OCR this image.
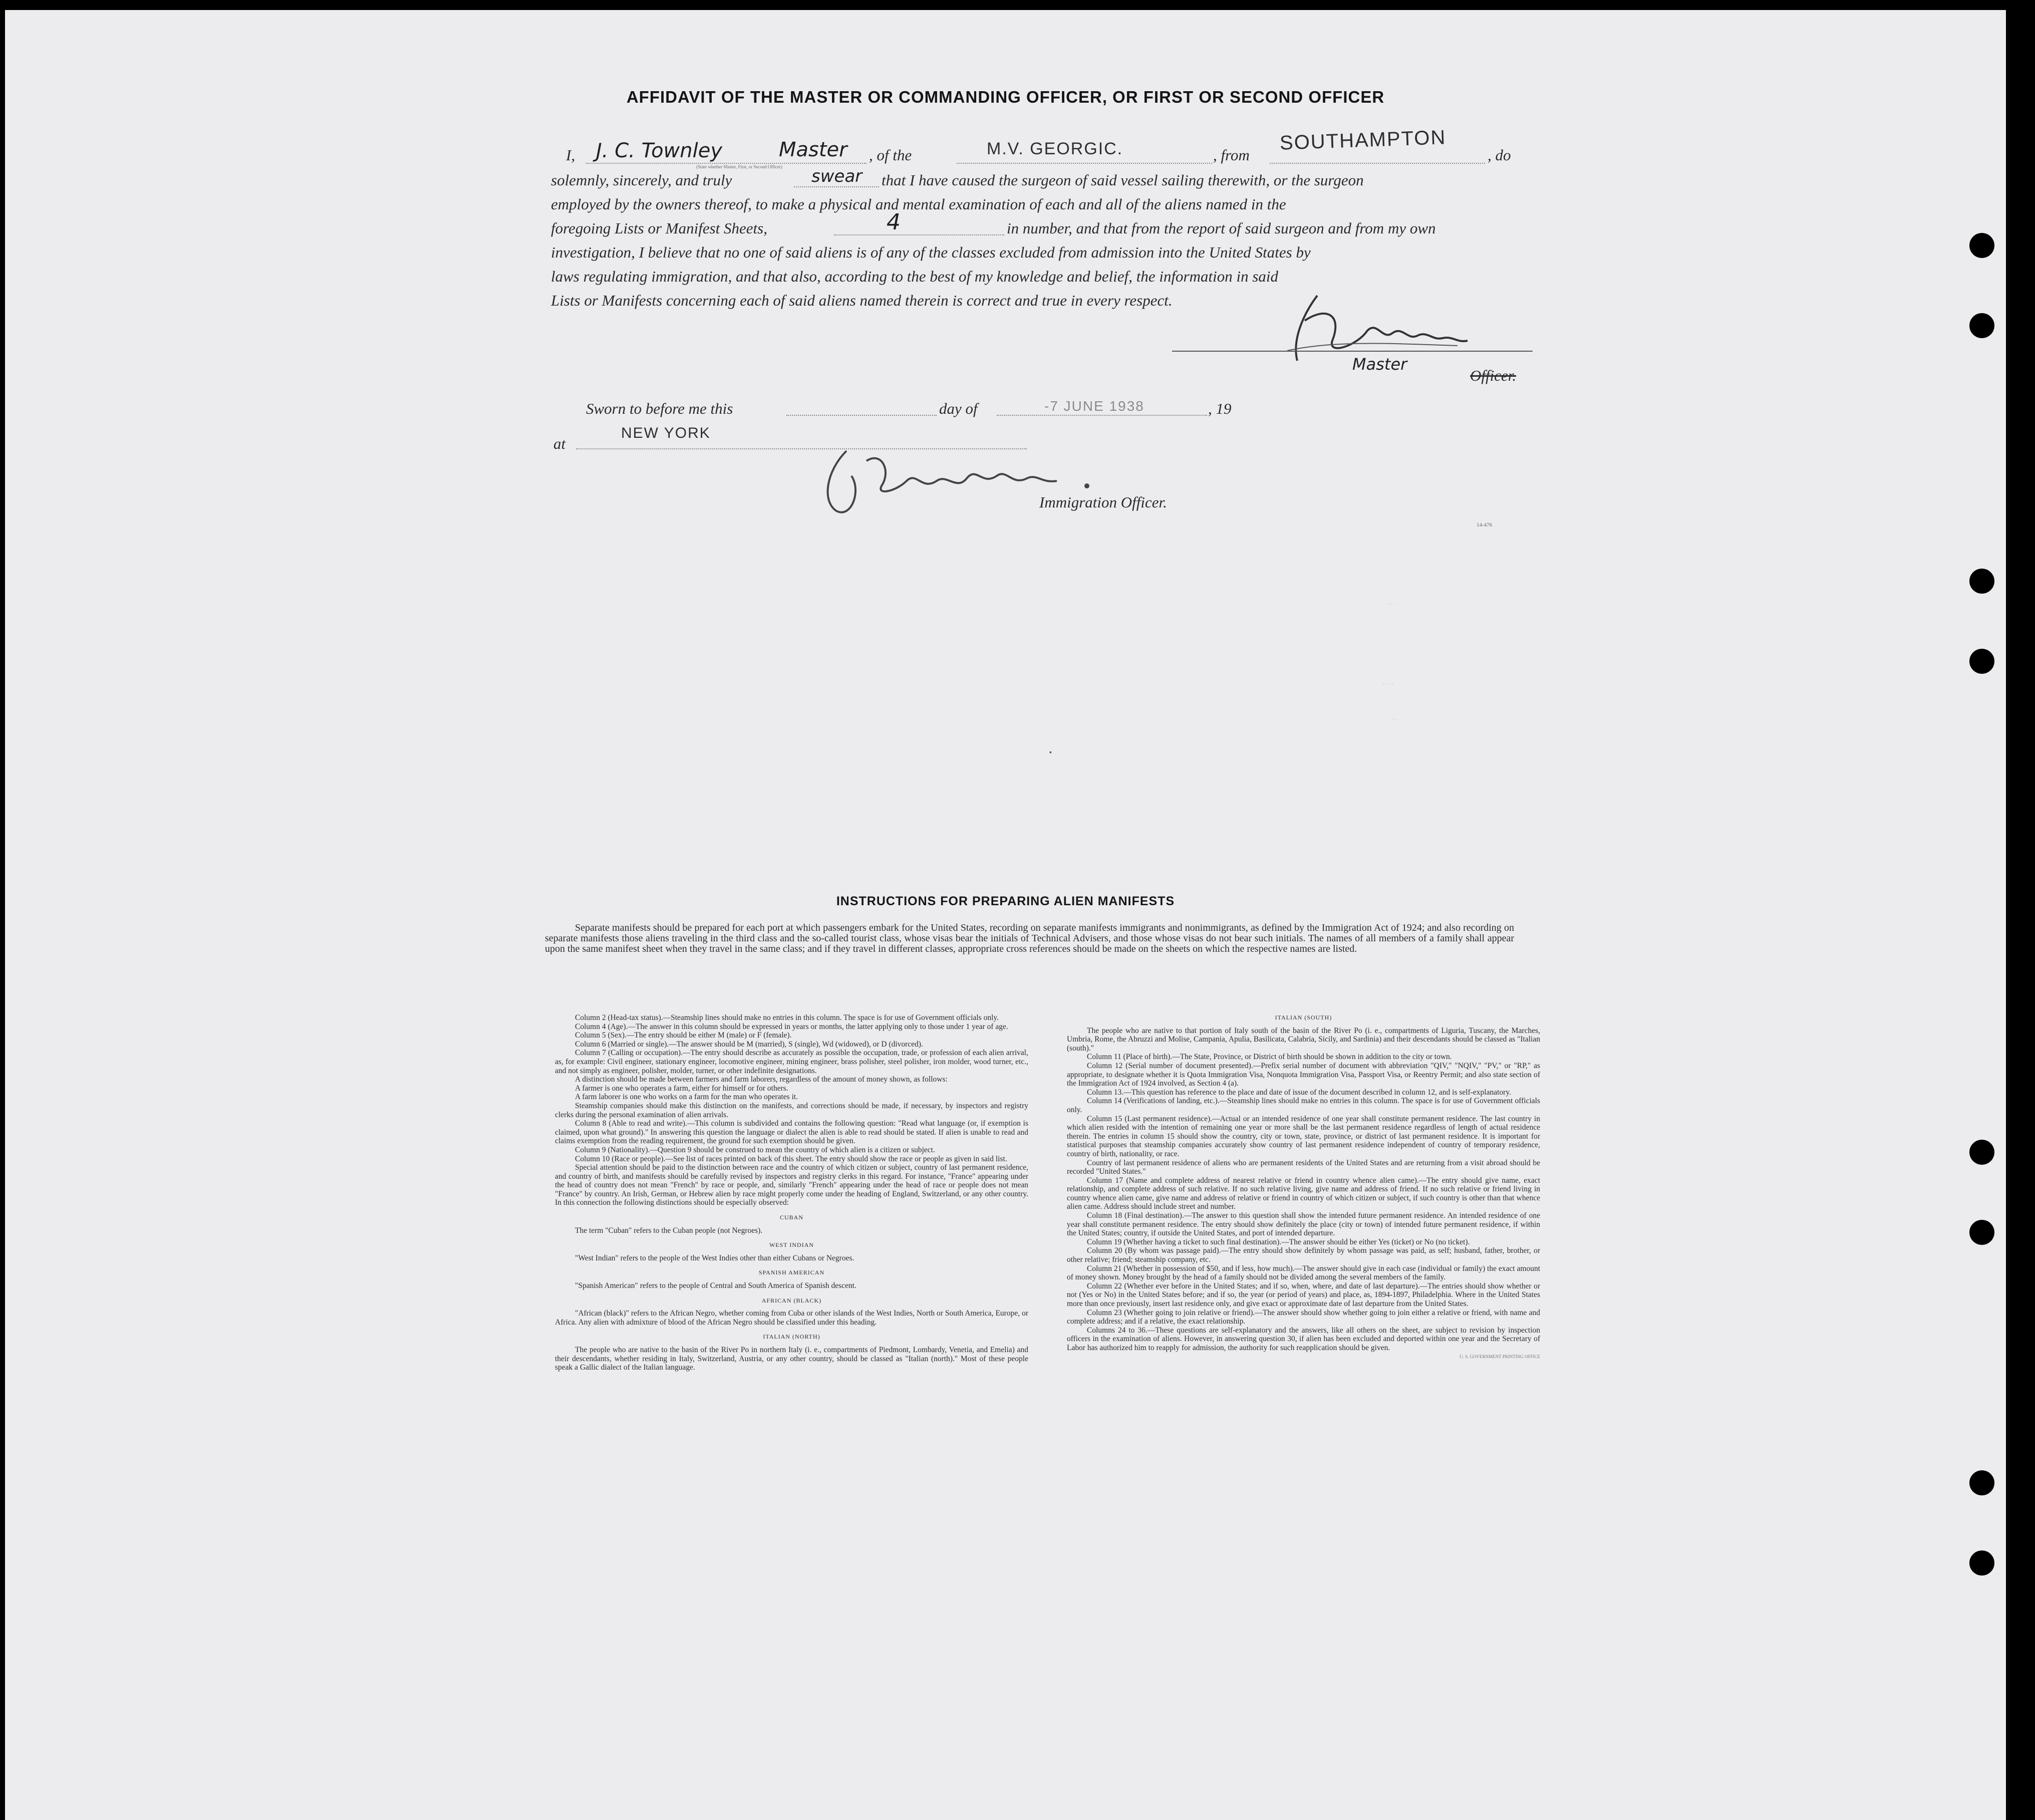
AFFIDAVIT OF THE MASTER OR COMMANDING OFFICER, OR FIRST OR SECOND OFFICER
I, J. C. Townley	Master
(State whether Master, First, or Second Officer)
, of the	M.V. GEORGIC.	, from
SOUTHAMPTON
, do
solemnly, sincerely, and truly	swear that I have caused the surgeon of said vessel sailing therewith, or the surgeon
employed by the owners thereof, to make a physical and mental examination of each and all of the aliens named in the
foregoing Lists or Manifest Sheets,	4	in number, and that from the report of said surgeon and from my own
investigation, I believe that no one of said aliens is of any of the classes excluded from admission into the United States by
laws regulating immigration, and that also, according to the best of my knowledge and belief, the information in said
Lists or Manifests concerning each of said aliens named therein is correct and true in every respect.
Master
Officer.
Sworn to before me this	day of	-7 JUNE 1938	, 19
at
NEW YORK
Immigration Officer.
14-476
· · ·
· · · ·
· ·
▪
INSTRUCTIONS FOR PREPARING ALIEN MANIFESTS
Separate manifests should be prepared for each port at which passengers embark for the United States, recording on separate manifests immigrants and nonimmigrants, as defined by the Immigration Act of 1924; and also recording on separate manifests those aliens traveling in the third class and the so-called tourist class, whose visas bear the initials of Technical Advisers, and those whose visas do not bear such initials. The names of all members of a family shall appear upon the same manifest sheet when they travel in the same class; and if they travel in different classes, appropriate cross references should be made on the sheets on which the respective names are listed.

Column 2 (Head-tax status).—Steamship lines should make no entries in this column. The space is for use of Government officials only.

Column 4 (Age).—The answer in this column should be expressed in years or months, the latter applying only to those under 1 year of age.

Column 5 (Sex).—The entry should be either M (male) or F (female).

Column 6 (Married or single).—The answer should be M (married), S (single), Wd (widowed), or D (divorced).

Column 7 (Calling or occupation).—The entry should describe as accurately as possible the occupation, trade, or profession of each alien arrival, as, for example: Civil engineer, stationary engineer, locomotive engineer, mining engineer, brass polisher, steel polisher, iron molder, wood turner, etc., and not simply as engineer, polisher, molder, turner, or other indefinite designations.

A distinction should be made between farmers and farm laborers, regardless of the amount of money shown, as follows:

A farmer is one who operates a farm, either for himself or for others.

A farm laborer is one who works on a farm for the man who operates it.

Steamship companies should make this distinction on the manifests, and corrections should be made, if necessary, by inspectors and registry clerks during the personal examination of alien arrivals.

Column 8 (Able to read and write).—This column is subdivided and contains the following question: "Read what language (or, if exemption is claimed, upon what ground)." In answering this question the language or dialect the alien is able to read should be stated. If alien is unable to read and claims exemption from the reading requirement, the ground for such exemption should be given.

Column 9 (Nationality).—Question 9 should be construed to mean the country of which alien is a citizen or subject.

Column 10 (Race or people).—See list of races printed on back of this sheet. The entry should show the race or people as given in said list.

Special attention should be paid to the distinction between race and the country of which citizen or subject, country of last permanent residence, and country of birth, and manifests should be carefully revised by inspectors and registry clerks in this regard. For instance, "France" appearing under the head of country does not mean "French" by race or people, and, similarly "French" appearing under the head of race or people does not mean "France" by country. An Irish, German, or Hebrew alien by race might properly come under the heading of England, Switzerland, or any other country. In this connection the following distinctions should be especially observed:

CUBAN

The term "Cuban" refers to the Cuban people (not Negroes).

WEST INDIAN

"West Indian" refers to the people of the West Indies other than either Cubans or Negroes.

SPANISH AMERICAN

"Spanish American" refers to the people of Central and South America of Spanish descent.

AFRICAN (BLACK)

"African (black)" refers to the African Negro, whether coming from Cuba or other islands of the West Indies, North or South America, Europe, or Africa. Any alien with admixture of blood of the African Negro should be classified under this heading.

ITALIAN (NORTH)

The people who are native to the basin of the River Po in northern Italy (i. e., compartments of Piedmont, Lombardy, Venetia, and Emelia) and their descendants, whether residing in Italy, Switzerland, Austria, or any other country, should be classed as "Italian (north)." Most of these people speak a Gallic dialect of the Italian language.

ITALIAN (SOUTH)

The people who are native to that portion of Italy south of the basin of the River Po (i. e., compartments of Liguria, Tuscany, the Marches, Umbria, Rome, the Abruzzi and Molise, Campania, Apulia, Basilicata, Calabria, Sicily, and Sardinia) and their descendants should be classed as "Italian (south)."

Column 11 (Place of birth).—The State, Province, or District of birth should be shown in addition to the city or town.

Column 12 (Serial number of document presented).—Prefix serial number of document with abbreviation "QIV," "NQIV," "PV," or "RP," as appropriate, to designate whether it is Quota Immigration Visa, Nonquota Immigration Visa, Passport Visa, or Reentry Permit; and also state section of the Immigration Act of 1924 involved, as Section 4 (a).

Column 13.—This question has reference to the place and date of issue of the document described in column 12, and is self-explanatory.

Column 14 (Verifications of landing, etc.).—Steamship lines should make no entries in this column. The space is for use of Government officials only.

Column 15 (Last permanent residence).—Actual or an intended residence of one year shall constitute permanent residence. The last country in which alien resided with the intention of remaining one year or more shall be the last permanent residence regardless of length of actual residence therein. The entries in column 15 should show the country, city or town, state, province, or district of last permanent residence. It is important for statistical purposes that steamship companies accurately show country of last permanent residence independent of country of temporary residence, country of birth, nationality, or race.

Country of last permanent residence of aliens who are permanent residents of the United States and are returning from a visit abroad should be recorded "United States."

Column 17 (Name and complete address of nearest relative or friend in country whence alien came).—The entry should give name, exact relationship, and complete address of such relative. If no such relative living, give name and address of friend. If no such relative or friend living in country whence alien came, give name and address of relative or friend in country of which citizen or subject, if such country is other than that whence alien came. Address should include street and number.

Column 18 (Final destination).—The answer to this question shall show the intended future permanent residence. An intended residence of one year shall constitute permanent residence. The entry should show definitely the place (city or town) of intended future permanent residence, if within the United States; country, if outside the United States, and port of intended departure.

Column 19 (Whether having a ticket to such final destination).—The answer should be either Yes (ticket) or No (no ticket).

Column 20 (By whom was passage paid).—The entry should show definitely by whom passage was paid, as self; husband, father, brother, or other relative; friend; steamship company, etc.

Column 21 (Whether in possession of $50, and if less, how much).—The answer should give in each case (individual or family) the exact amount of money shown. Money brought by the head of a family should not be divided among the several members of the family.

Column 22 (Whether ever before in the United States; and if so, when, where, and date of last departure).—The entries should show whether or not (Yes or No) in the United States before; and if so, the year (or period of years) and place, as, 1894-1897, Philadelphia. Where in the United States more than once previously, insert last residence only, and give exact or approximate date of last departure from the United States.

Column 23 (Whether going to join relative or friend).—The answer should show whether going to join either a relative or friend, with name and complete address; and if a relative, the exact relationship.

Columns 24 to 36.—These questions are self-explanatory and the answers, like all others on the sheet, are subject to revision by inspection officers in the examination of aliens. However, in answering question 30, if alien has been excluded and deported within one year and the Secretary of Labor has authorized him to reapply for admission, the authority for such reapplication should be given.

U. S. GOVERNMENT PRINTING OFFICE
